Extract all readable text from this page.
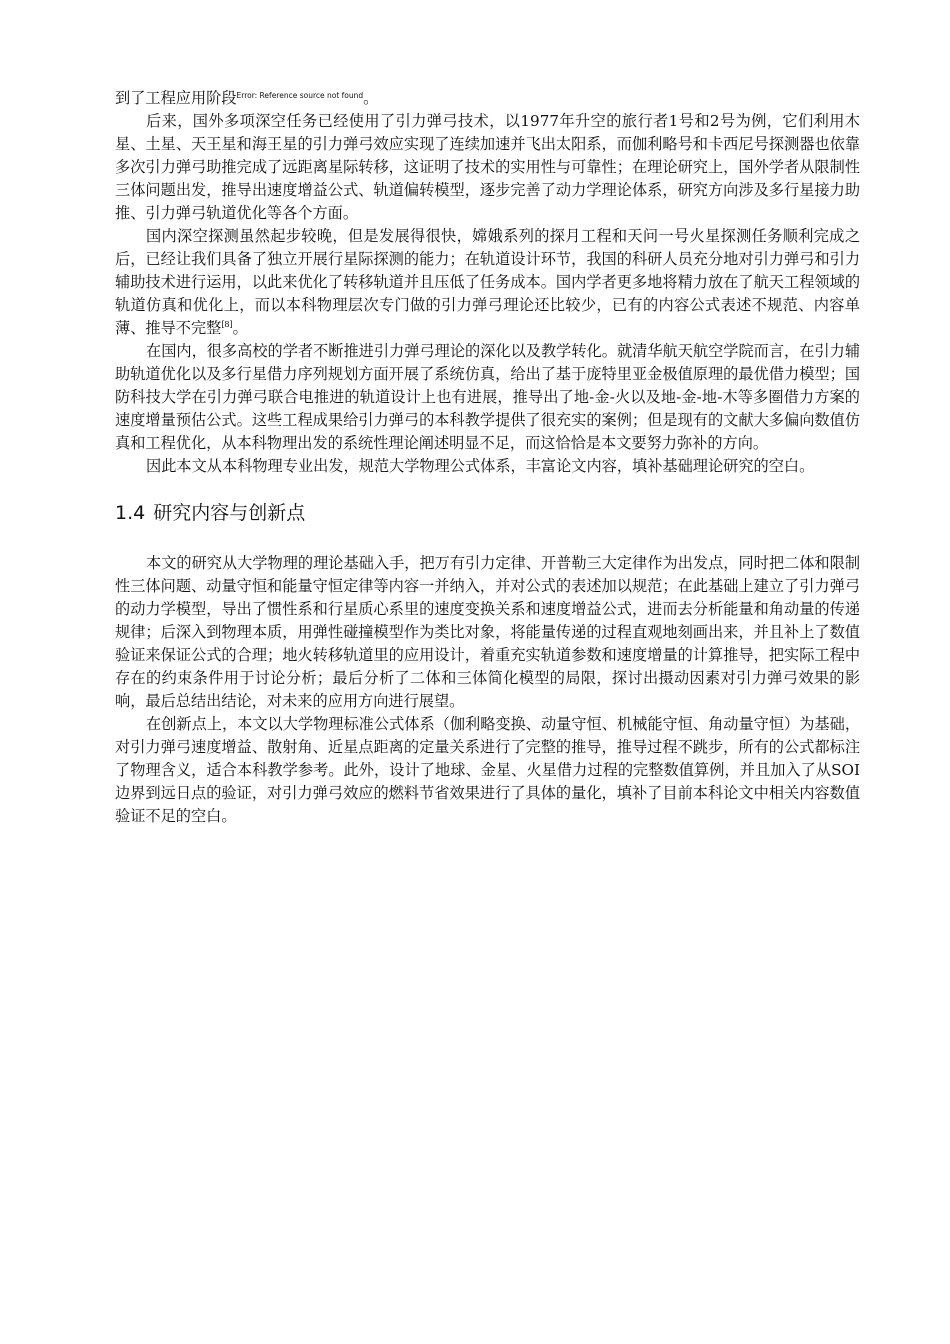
到了工程应用阶段$^{Error: Reference source not found}$。

后来，国外多项深空任务已经使用了引力弹弓技术，以1977年升空的旅行者1号和2号为例，它们利用木星、土星、天王星和海王星的引力弹弓效应实现了连续加速并飞出太阳系，而伽利略号和卡西尼号探测器也依靠多次引力弹弓助推完成了远距离星际转移，这证明了技术的实用性与可靠性；在理论研究上，国外学者从限制性三体问题出发，推导出速度增益公式、轨道偏转模型，逐步完善了动力学理论体系，研究方向涉及多行星接力助推、引力弹弓轨道优化等各个方面。

国内深空探测虽然起步较晚，但是发展得很快，嫦娥系列的探月工程和天问一号火星探测任务顺利完成之后，已经让我们具备了独立开展行星际探测的能力；在轨道设计环节，我国的科研人员充分地对引力弹弓和引力辅助技术进行运用，以此来优化了转移轨道并且压低了任务成本。国内学者更多地将精力放在了航天工程领域的轨道仿真和优化上，而以本科物理层次专门做的引力弹弓理论还比较少，已有的内容公式表述不规范、内容单薄、推导不完整[8]。

在国内，很多高校的学者不断推进引力弹弓理论的深化以及教学转化。就清华航天航空学院而言，在引力辅助轨道优化以及多行星借力序列规划方面开展了系统仿真，给出了基于庞特里亚金极值原理的最优借力模型；国防科技大学在引力弹弓联合电推进的轨道设计上也有进展，推导出了地-金-火以及地-金-地-木等多圈借力方案的速度增量预估公式。这些工程成果给引力弹弓的本科教学提供了很充实的案例；但是现有的文献大多偏向数值仿真和工程优化，从本科物理出发的系统性理论阐述明显不足，而这恰恰是本文要努力弥补的方向。

因此本文从本科物理专业出发，规范大学物理公式体系，丰富论文内容，填补基础理论研究的空白。

1.4 研究内容与创新点

本文的研究从大学物理的理论基础入手，把万有引力定律、开普勒三大定律作为出发点，同时把二体和限制性三体问题、动量守恒和能量守恒定律等内容一并纳入，并对公式的表述加以规范；在此基础上建立了引力弹弓的动力学模型，导出了惯性系和行星质心系里的速度变换关系和速度增益公式，进而去分析能量和角动量的传递规律；后深入到物理本质，用弹性碰撞模型作为类比对象，将能量传递的过程直观地刻画出来，并且补上了数值验证来保证公式的合理；地火转移轨道里的应用设计，着重充实轨道参数和速度增量的计算推导，把实际工程中存在的约束条件用于讨论分析；最后分析了二体和三体简化模型的局限，探讨出摄动因素对引力弹弓效果的影响，最后总结出结论，对未来的应用方向进行展望。

在创新点上，本文以大学物理标准公式体系（伽利略变换、动量守恒、机械能守恒、角动量守恒）为基础，对引力弹弓速度增益、散射角、近星点距离的定量关系进行了完整的推导，推导过程不跳步，所有的公式都标注了物理含义，适合本科教学参考。此外，设计了地球、金星、火星借力过程的完整数值算例，并且加入了从SOI边界到远日点的验证，对引力弹弓效应的燃料节省效果进行了具体的量化，填补了目前本科论文中相关内容数值验证不足的空白。
